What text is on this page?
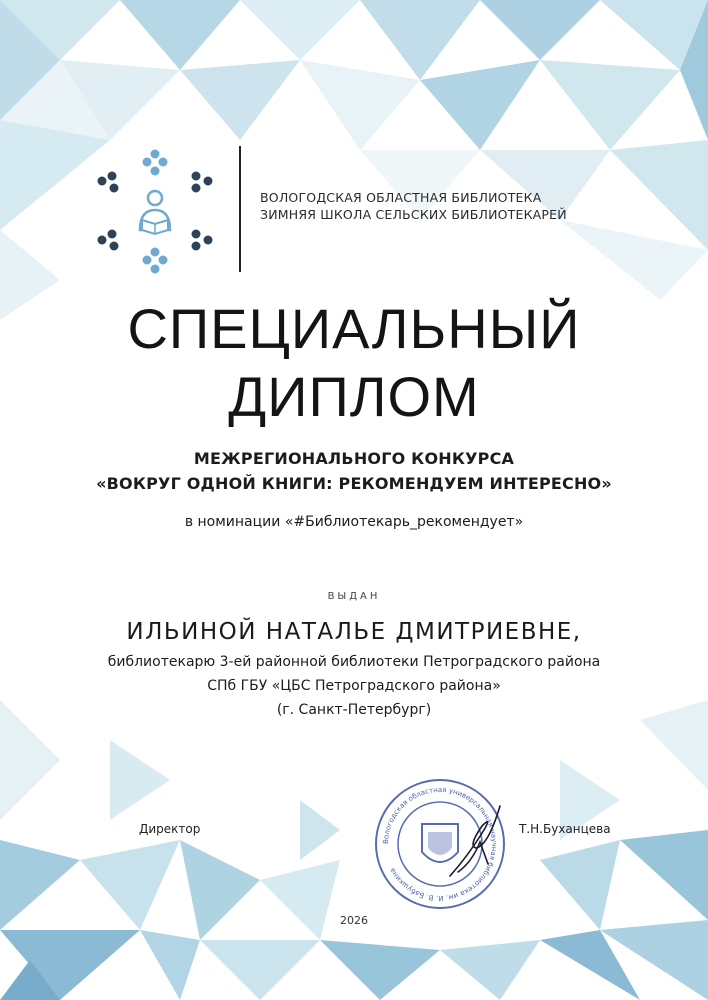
ВОЛОГОДСКАЯ ОБЛАСТНАЯ БИБЛИОТЕКА
ЗИМНЯЯ ШКОЛА СЕЛЬСКИХ БИБЛИОТЕКАРЕЙ
СПЕЦИАЛЬНЫЙ
ДИПЛОМ
МЕЖРЕГИОНАЛЬНОГО КОНКУРСА
«ВОКРУГ ОДНОЙ КНИГИ: РЕКОМЕНДУЕМ ИНТЕРЕСНО»
в номинации «#Библиотекарь_рекомендует»
ВЫДАН
ИЛЬИНОЙ НАТАЛЬЕ ДМИТРИЕВНЕ,
библиотекарю 3-ей районной библиотеки Петроградского района
СПб ГБУ «ЦБС Петроградского района»
(г. Санкт-Петербург)
Директор	Т.Н.Буханцева
Вологодская областная универсальная научная библиотека им. И. В. Бабушкина
2026
